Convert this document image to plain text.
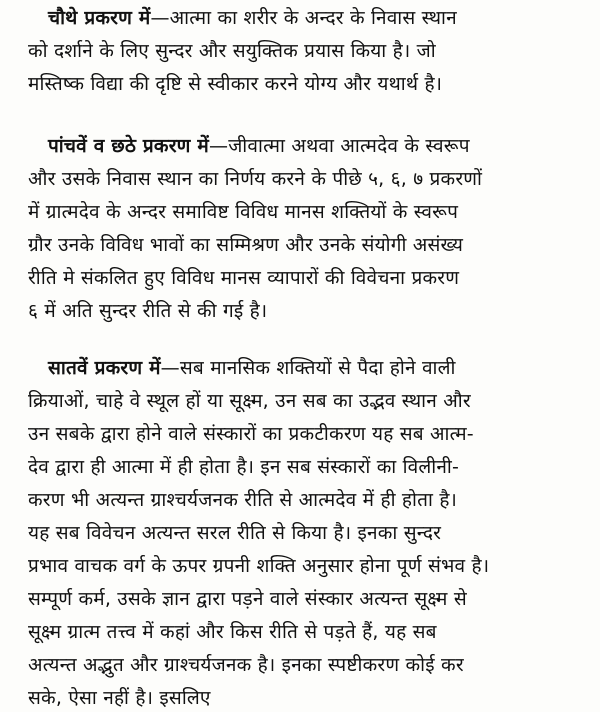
चौथे प्रकरण में—आत्मा का शरीर के अन्दर के निवास स्थान
को दर्शाने के लिए सुन्दर और सयुक्तिक प्रयास किया है। जो
मस्तिष्क विद्या की दृष्टि से स्वीकार करने योग्य और यथार्थ है।
पांचवें व छठे प्रकरण में—जीवात्मा अथवा आत्मदेव के स्वरूप
और उसके निवास स्थान का निर्णय करने के पीछे ५, ६, ७ प्रकरणों
में ग्रात्मदेव के अन्दर समाविष्ट विविध मानस शक्तियों के स्वरूप
ग्रौर उनके विविध भावों का सम्मिश्रण और उनके संयोगी असंख्य
रीति मे संकलित हुए विविध मानस व्यापारों की विवेचना प्रकरण
६ में अति सुन्दर रीति से की गई है।
सातवें प्रकरण में—सब मानसिक शक्तियों से पैदा होने वाली
क्रियाओं, चाहे वे स्थूल हों या सूक्ष्म, उन सब का उद्भव स्थान और
उन सबके द्वारा होने वाले संस्कारों का प्रकटीकरण यह सब आत्म-
देव द्वारा ही आत्मा में ही होता है। इन सब संस्कारों का विलीनी-
करण भी अत्यन्त ग्राश्चर्यजनक रीति से आत्मदेव में ही होता है।
यह सब विवेचन अत्यन्त सरल रीति से किया है। इनका सुन्दर
प्रभाव वाचक वर्ग के ऊपर ग्रपनी शक्ति अनुसार होना पूर्ण संभव है।
सम्पूर्ण कर्म, उसके ज्ञान द्वारा पड़ने वाले संस्कार अत्यन्त सूक्ष्म से
सूक्ष्म ग्रात्म तत्त्व में कहां और किस रीति से पड़ते हैं, यह सब
अत्यन्त अद्भुत और ग्राश्चर्यजनक है। इनका स्पष्टीकरण कोई कर
सके, ऐसा नहीं है। इसलिए
